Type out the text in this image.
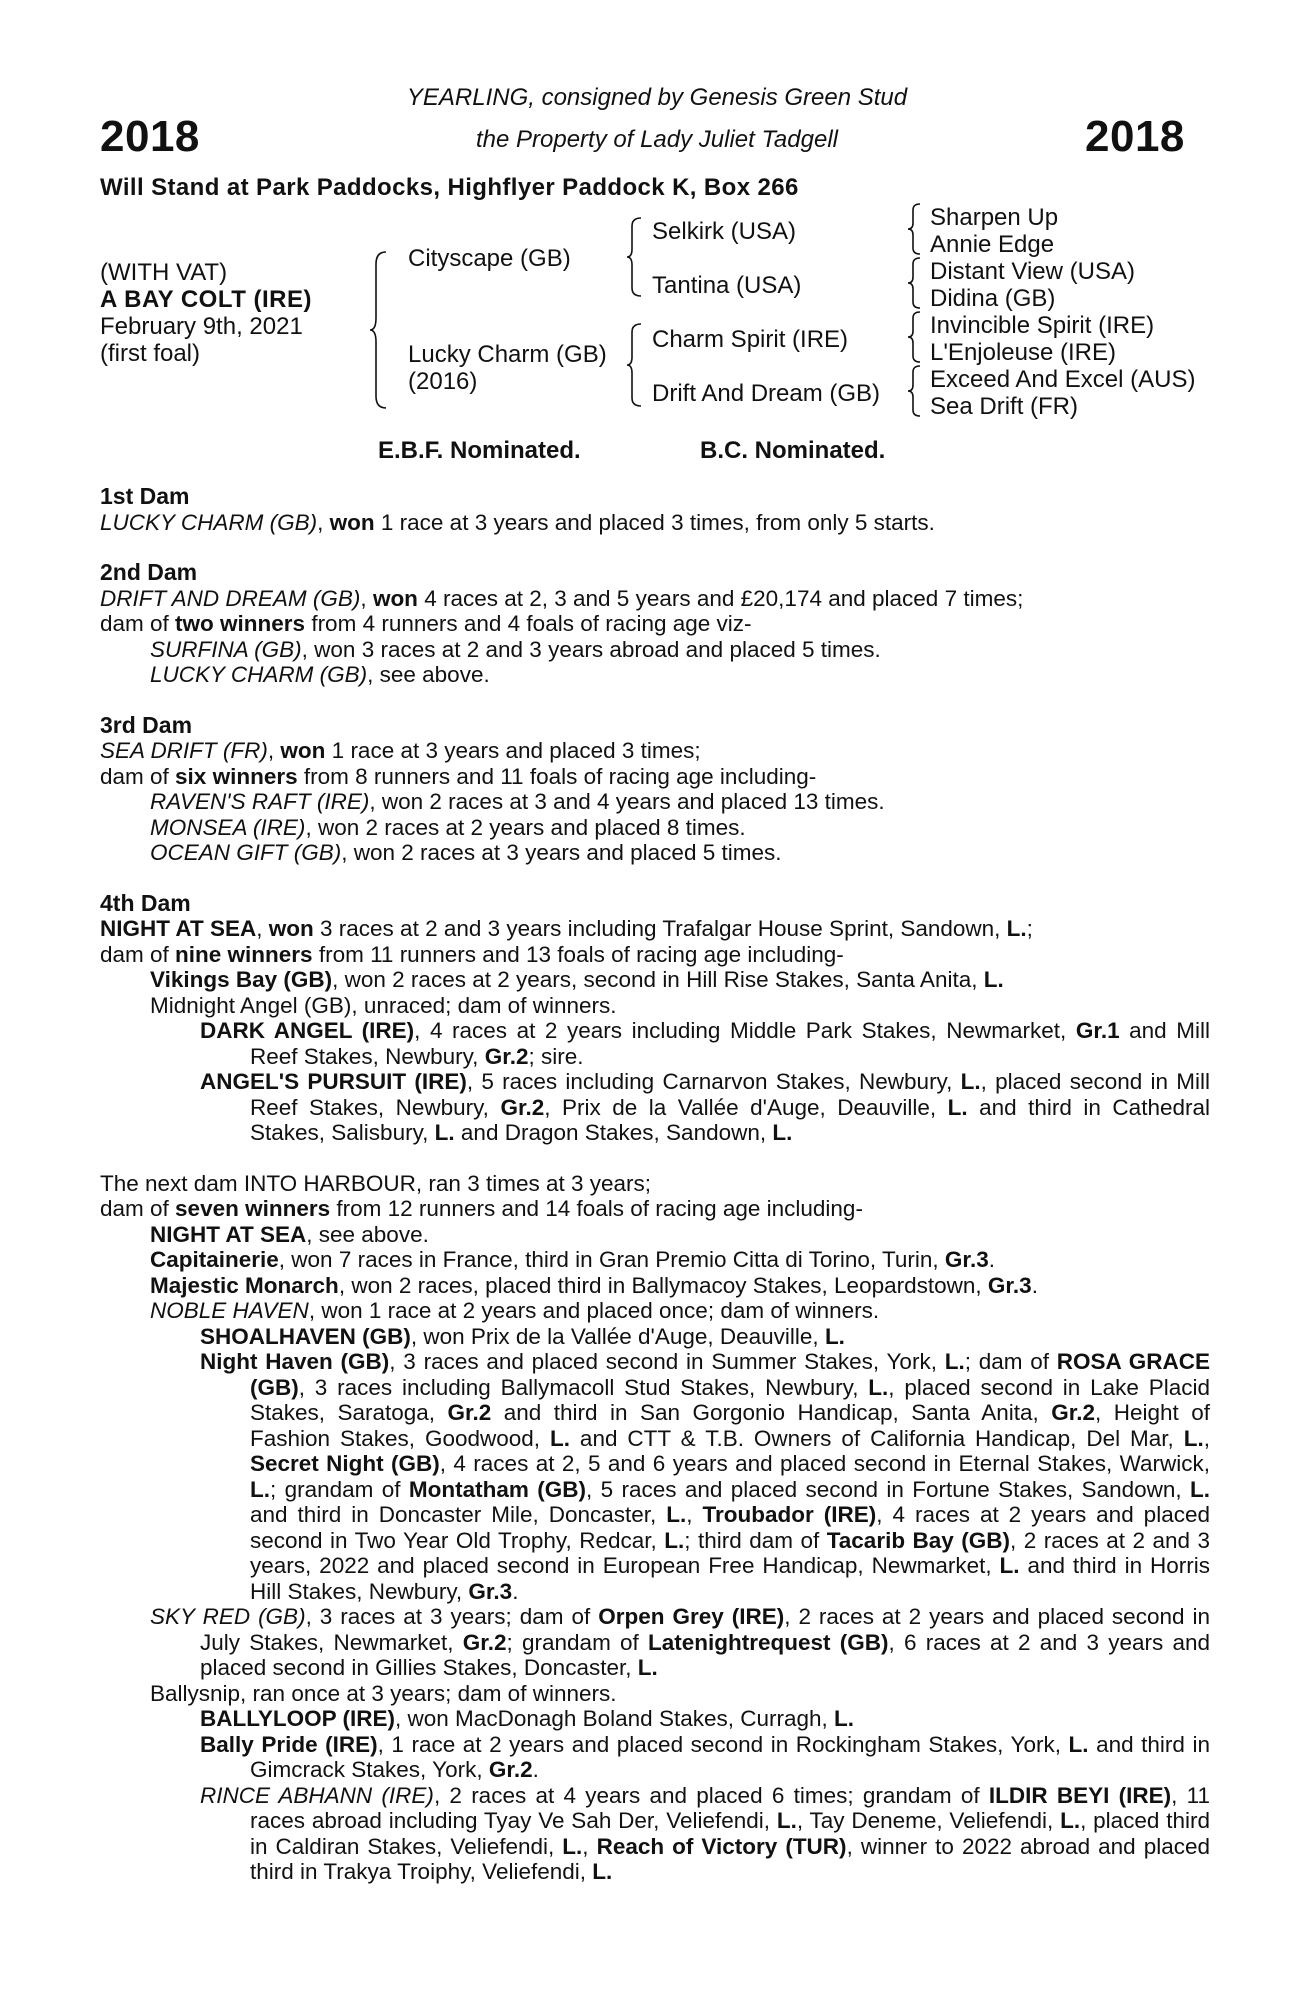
2018	2018
YEARLING, consigned by Genesis Green Stud
the Property of Lady Juliet Tadgell
Will Stand at Park Paddocks, Highflyer Paddock K, Box 266
(WITH VAT)
A BAY COLT (IRE)
February 9th, 2021
(first foal)
Cityscape (GB)
Lucky Charm (GB)
(2016)
Selkirk (USA)
Tantina (USA)
Charm Spirit (IRE)
Drift And Dream (GB)
Sharpen Up
Annie Edge
Distant View (USA)
Didina (GB)
Invincible Spirit (IRE)
L'Enjoleuse (IRE)
Exceed And Excel (AUS)
Sea Drift (FR)
E.B.F. Nominated.	B.C. Nominated.
1st Dam
LUCKY CHARM (GB), won 1 race at 3 years and placed 3 times, from only 5 starts.
2nd Dam
DRIFT AND DREAM (GB), won 4 races at 2, 3 and 5 years and £20,174 and placed 7 times;
dam of two winners from 4 runners and 4 foals of racing age viz-
SURFINA (GB), won 3 races at 2 and 3 years abroad and placed 5 times.
LUCKY CHARM (GB), see above.
3rd Dam
SEA DRIFT (FR), won 1 race at 3 years and placed 3 times;
dam of six winners from 8 runners and 11 foals of racing age including-
RAVEN'S RAFT (IRE), won 2 races at 3 and 4 years and placed 13 times.
MONSEA (IRE), won 2 races at 2 years and placed 8 times.
OCEAN GIFT (GB), won 2 races at 3 years and placed 5 times.
4th Dam
NIGHT AT SEA, won 3 races at 2 and 3 years including Trafalgar House Sprint, Sandown, L.;
dam of nine winners from 11 runners and 13 foals of racing age including-
Vikings Bay (GB), won 2 races at 2 years, second in Hill Rise Stakes, Santa Anita, L.
Midnight Angel (GB), unraced; dam of winners.
DARK ANGEL (IRE), 4 races at 2 years including Middle Park Stakes, Newmarket, Gr.1 and Mill Reef Stakes, Newbury, Gr.2; sire.
ANGEL'S PURSUIT (IRE), 5 races including Carnarvon Stakes, Newbury, L., placed second in Mill Reef Stakes, Newbury, Gr.2, Prix de la Vallée d'Auge, Deauville, L. and third in Cathedral Stakes, Salisbury, L. and Dragon Stakes, Sandown, L.
The next dam INTO HARBOUR, ran 3 times at 3 years;
dam of seven winners from 12 runners and 14 foals of racing age including-
NIGHT AT SEA, see above.
Capitainerie, won 7 races in France, third in Gran Premio Citta di Torino, Turin, Gr.3.
Majestic Monarch, won 2 races, placed third in Ballymacoy Stakes, Leopardstown, Gr.3.
NOBLE HAVEN, won 1 race at 2 years and placed once; dam of winners.
SHOALHAVEN (GB), won Prix de la Vallée d'Auge, Deauville, L.
Night Haven (GB), 3 races and placed second in Summer Stakes, York, L.; dam of ROSA GRACE (GB), 3 races including Ballymacoll Stud Stakes, Newbury, L., placed second in Lake Placid Stakes, Saratoga, Gr.2 and third in San Gorgonio Handicap, Santa Anita, Gr.2, Height of Fashion Stakes, Goodwood, L. and CTT & T.B. Owners of California Handicap, Del Mar, L., Secret Night (GB), 4 races at 2, 5 and 6 years and placed second in Eternal Stakes, Warwick, L.; grandam of Montatham (GB), 5 races and placed second in Fortune Stakes, Sandown, L. and third in Doncaster Mile, Doncaster, L., Troubador (IRE), 4 races at 2 years and placed second in Two Year Old Trophy, Redcar, L.; third dam of Tacarib Bay (GB), 2 races at 2 and 3 years, 2022 and placed second in European Free Handicap, Newmarket, L. and third in Horris Hill Stakes, Newbury, Gr.3.
SKY RED (GB), 3 races at 3 years; dam of Orpen Grey (IRE), 2 races at 2 years and placed second in July Stakes, Newmarket, Gr.2; grandam of Latenightrequest (GB), 6 races at 2 and 3 years and placed second in Gillies Stakes, Doncaster, L.
Ballysnip, ran once at 3 years; dam of winners.
BALLYLOOP (IRE), won MacDonagh Boland Stakes, Curragh, L.
Bally Pride (IRE), 1 race at 2 years and placed second in Rockingham Stakes, York, L. and third in Gimcrack Stakes, York, Gr.2.
RINCE ABHANN (IRE), 2 races at 4 years and placed 6 times; grandam of ILDIR BEYI (IRE), 11 races abroad including Tyay Ve Sah Der, Veliefendi, L., Tay Deneme, Veliefendi, L., placed third in Caldiran Stakes, Veliefendi, L., Reach of Victory (TUR), winner to 2022 abroad and placed third in Trakya Troiphy, Veliefendi, L.
